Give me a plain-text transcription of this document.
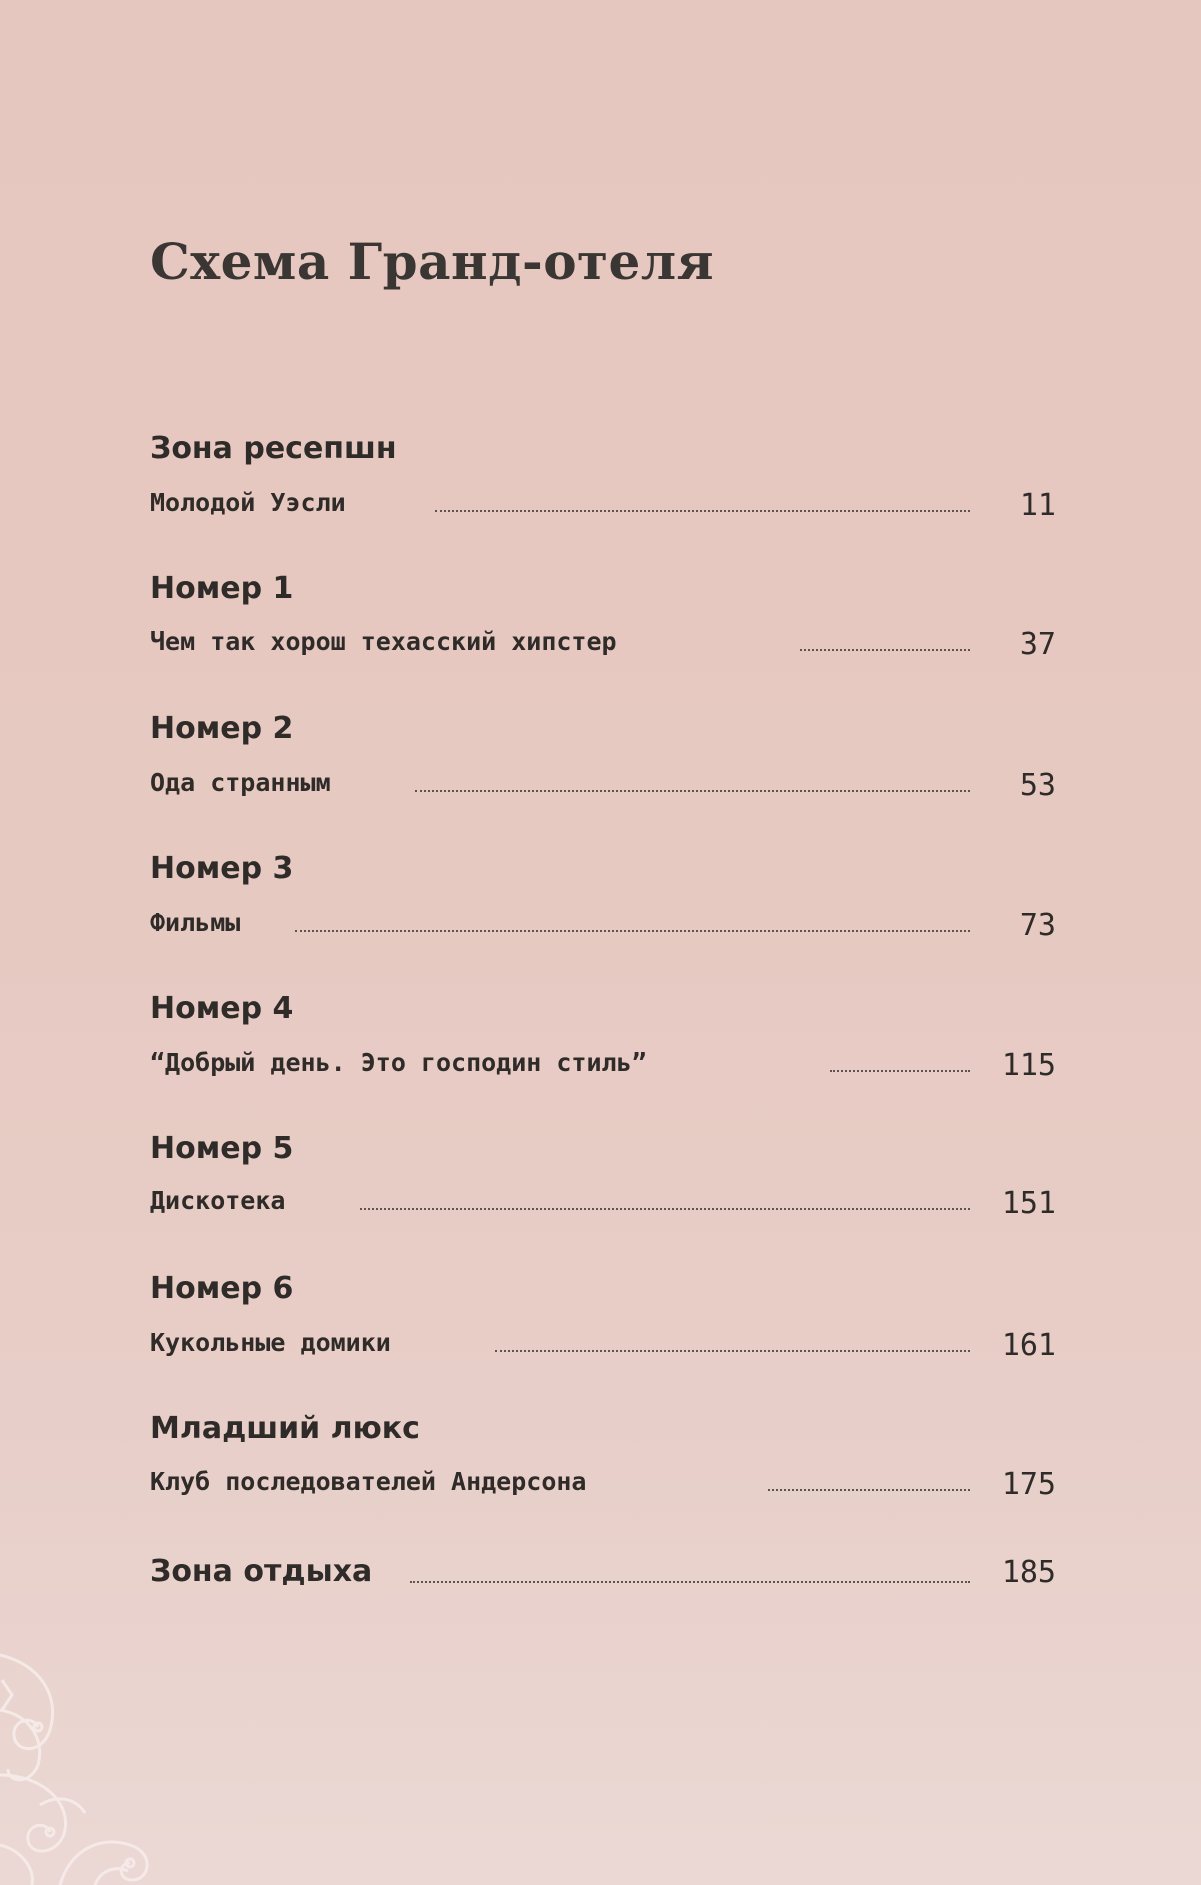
Схема Гранд-отеля
Зона ресепшн
Молодой Уэсли	11
Номер 1
Чем так хорош техасский хипстер	37
Номер 2
Ода странным	53
Номер 3
Фильмы	73
Номер 4
“Добрый день. Это господин стиль”	115
Номер 5
Дискотека	151
Номер 6
Кукольные домики	161
Младший люкс
Клуб последователей Андерсона	175
Зона отдыха	185
